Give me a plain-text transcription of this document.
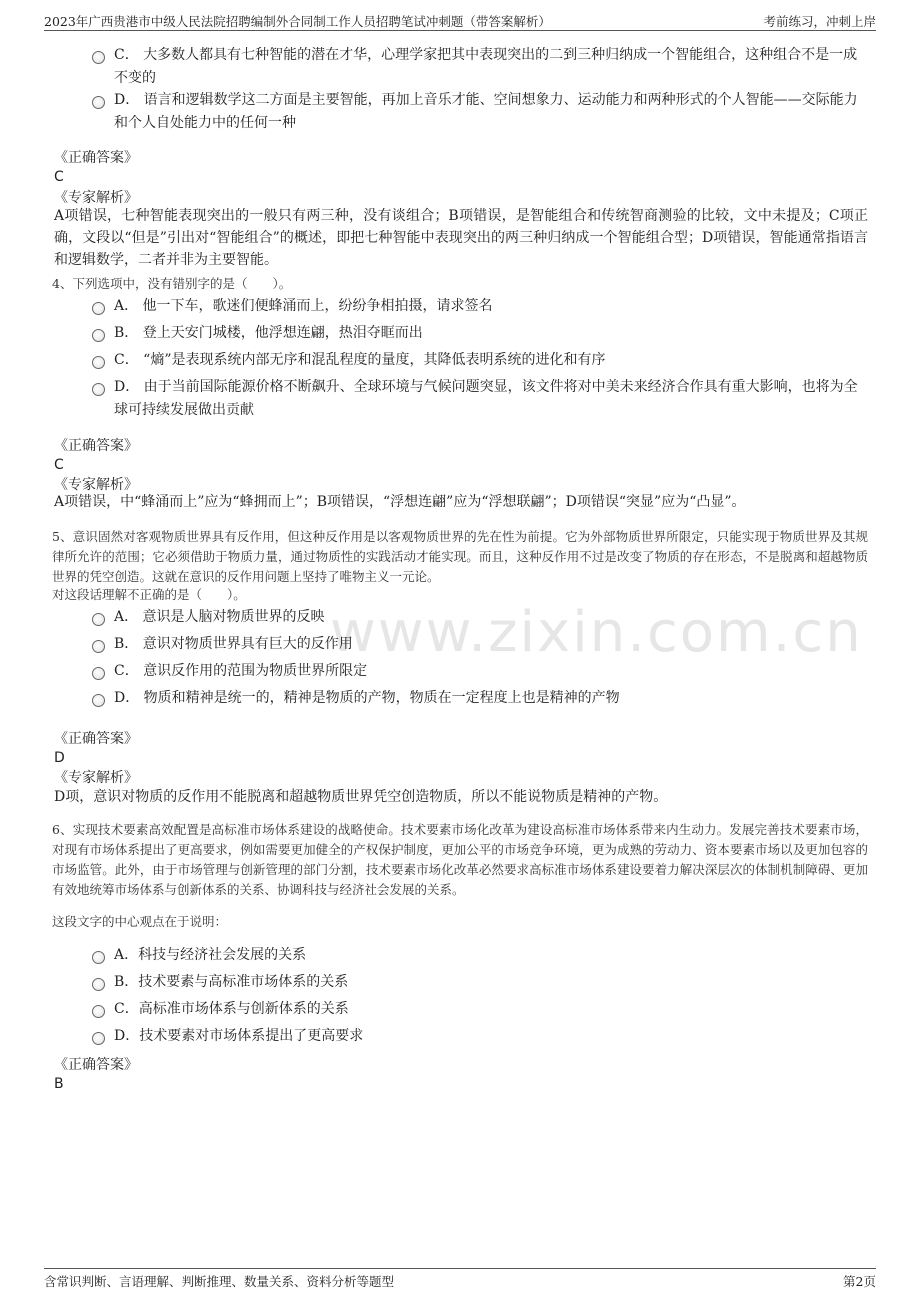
www.zixin.com.cn
2023年广西贵港市中级人民法院招聘编制外合同制工作人员招聘笔试冲刺题（带答案解析）	考前练习，冲刺上岸
C． 大多数人都具有七种智能的潜在才华，心理学家把其中表现突出的二到三种归纳成一个智能组合，这种组合不是一成不变的
D． 语言和逻辑数学这二方面是主要智能，再加上音乐才能、空间想象力、运动能力和两种形式的个人智能——交际能力和个人自处能力中的任何一种
《正确答案》
C
《专家解析》
A项错误，七种智能表现突出的一般只有两三种，没有谈组合；B项错误，是智能组合和传统智商测验的比较，文中未提及；C项正确，文段以“但是”引出对“智能组合”的概述，即把七种智能中表现突出的两三种归纳成一个智能组合型；D项错误，智能通常指语言和逻辑数学，二者并非为主要智能。
4、下列选项中，没有错别字的是（　　）。
A． 他一下车，歌迷们便蜂涌而上，纷纷争相拍摄，请求签名
B． 登上天安门城楼，他浮想连翩，热泪夺眶而出
C． “熵”是表现系统内部无序和混乱程度的量度，其降低表明系统的进化和有序
D． 由于当前国际能源价格不断飙升、全球环境与气候问题突显，该文件将对中美未来经济合作具有重大影响，也将为全球可持续发展做出贡献
《正确答案》
C
《专家解析》
A项错误，中“蜂涌而上”应为“蜂拥而上”；B项错误，“浮想连翩”应为“浮想联翩”；D项错误“突显”应为“凸显”。
5、意识固然对客观物质世界具有反作用，但这种反作用是以客观物质世界的先在性为前提。它为外部物质世界所限定，只能实现于物质世界及其规律所允许的范围；它必须借助于物质力量，通过物质性的实践活动才能实现。而且，这种反作用不过是改变了物质的存在形态，不是脱离和超越物质世界的凭空创造。这就在意识的反作用问题上坚持了唯物主义一元论。
对这段话理解不正确的是（　　）。
A． 意识是人脑对物质世界的反映
B． 意识对物质世界具有巨大的反作用
C． 意识反作用的范围为物质世界所限定
D． 物质和精神是统一的，精神是物质的产物，物质在一定程度上也是精神的产物
《正确答案》
D
《专家解析》
D项，意识对物质的反作用不能脱离和超越物质世界凭空创造物质，所以不能说物质是精神的产物。
6、实现技术要素高效配置是高标准市场体系建设的战略使命。技术要素市场化改革为建设高标准市场体系带来内生动力。发展完善技术要素市场，对现有市场体系提出了更高要求，例如需要更加健全的产权保护制度，更加公平的市场竞争环境，更为成熟的劳动力、资本要素市场以及更加包容的市场监管。此外，由于市场管理与创新管理的部门分割，技术要素市场化改革必然要求高标准市场体系建设要着力解决深层次的体制机制障碍、更加有效地统筹市场体系与创新体系的关系、协调科技与经济社会发展的关系。
这段文字的中心观点在于说明：
A．科技与经济社会发展的关系
B．技术要素与高标准市场体系的关系
C．高标准市场体系与创新体系的关系
D．技术要素对市场体系提出了更高要求
《正确答案》
B
含常识判断、言语理解、判断推理、数量关系、资料分析等题型	第2页
